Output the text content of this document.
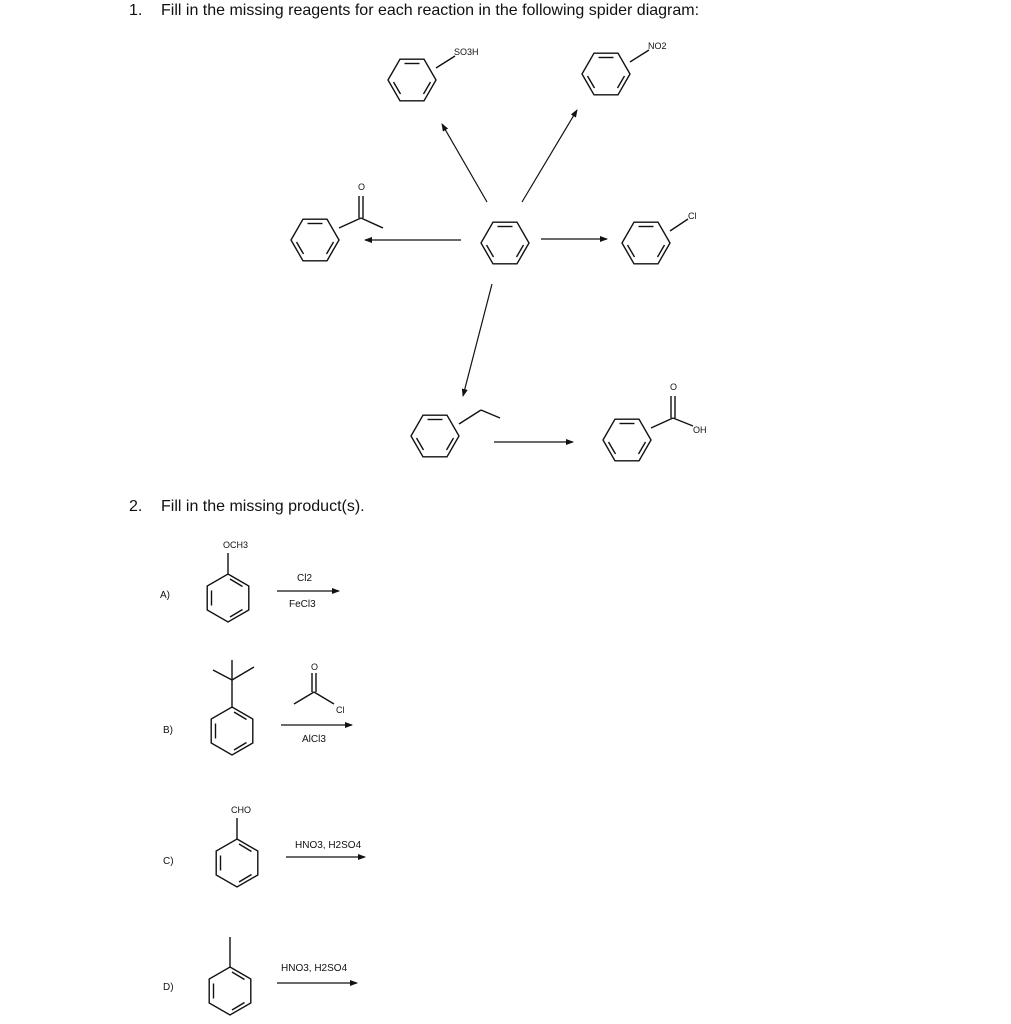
1. Fill in the missing reagents for each reaction in the following spider diagram:
2. Fill in the missing product(s).
SO3H
NO2
Cl
O
O
OH
A)
OCH3
Cl2
FeCl3
B)
O
Cl
AlCl3
C)
CHO
HNO3, H2SO4
D)
HNO3, H2SO4
